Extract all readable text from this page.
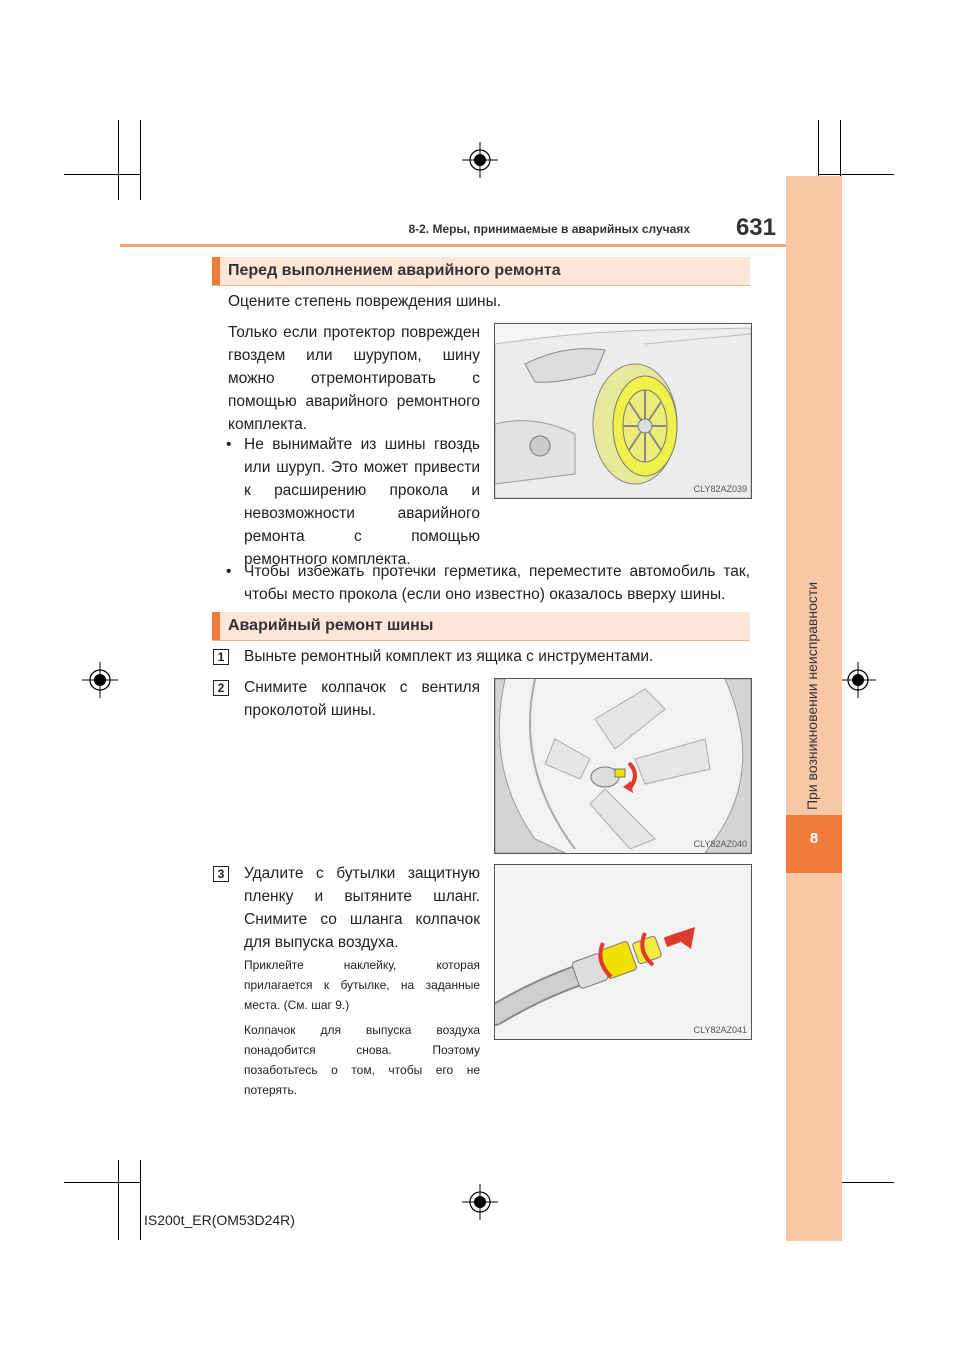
8
При возникновении неисправности
8-2. Меры, принимаемые в аварийных случаях	631
Перед выполнением аварийного ремонта
Оцените степень повреждения шины.
Только если протектор поврежден
гвоздем или шурупом, шину
можно отремонтировать с
помощью аварийного ремонтного
комплекта.
• Не вынимайте из шины гвоздь
или шуруп. Это может привести
к расширению прокола и
невозможности аварийного
ремонта с помощью
ремонтного комплекта.
• Чтобы избежать протечки герметика, переместите автомобиль так,
чтобы место прокола (если оно известно) оказалось вверху шины.
CLY82AZ039
Аварийный ремонт шины
1	Выньте ремонтный комплект из ящика с инструментами.
2	Снимите колпачок с вентиля
проколотой шины.
CLY82AZ040
3	Удалите с бутылки защитную
пленку и вытяните шланг.
Снимите со шланга колпачок
для выпуска воздуха.
Приклейте наклейку, которая
прилагается к бутылке, на заданные
места. (См. шаг 9.)
Колпачок для выпуска воздуха
понадобится снова. Поэтому
позаботьтесь о том, чтобы его не
потерять.
CLY82AZ041
IS200t_ER(OM53D24R)
